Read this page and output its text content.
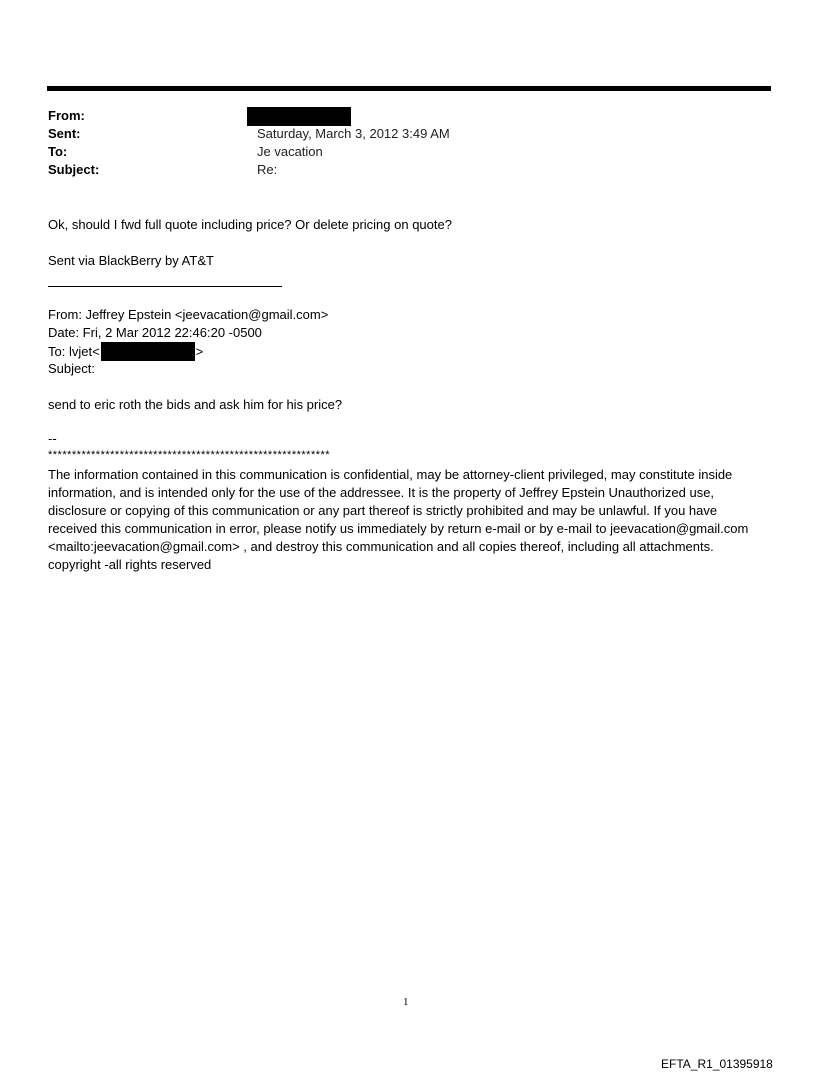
From:
Sent:	Saturday, March 3, 2012 3:49 AM
To:	Je vacation
Subject:	Re:
Ok, should I fwd full quote including price? Or delete pricing on quote?
Sent via BlackBerry by AT&T
From: Jeffrey Epstein <jeevacation@gmail.com>
Date: Fri, 2 Mar 2012 22:46:20 -0500
To: lvjet<	>
Subject:
send to eric roth the bids and ask him for his price?
--
***********************************************************
The information contained in this communication is confidential, may be attorney-client privileged, may constitute inside information, and is intended only for the use of the addressee. It is the property of Jeffrey Epstein Unauthorized use, disclosure or copying of this communication or any part thereof is strictly prohibited and may be unlawful. If you have received this communication in error, please notify us immediately by return e-mail or by e-mail to jeevacation@gmail.com <mailto:jeevacation@gmail.com> , and destroy this communication and all copies thereof, including all attachments. copyright -all rights reserved
1
EFTA_R1_01395918
